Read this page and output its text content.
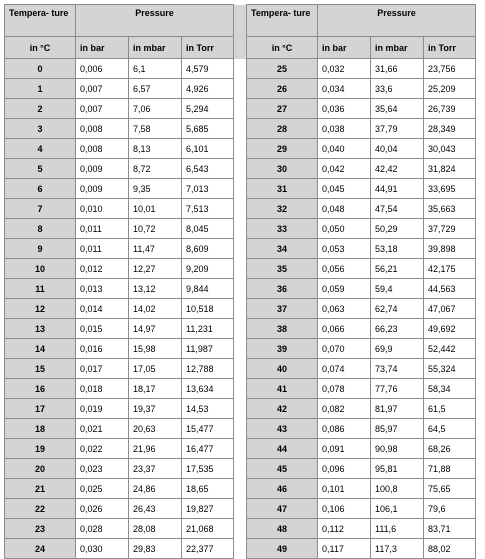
Tempera- ture	Pressure				Tempera- ture	Pressure		
in °C	in bar	in mbar	in Torr		in °C	in bar	in mbar	in Torr
0	0,006	6,1	4,579		25	0,032	31,66	23,756
1	0,007	6,57	4,926		26	0,034	33,6	25,209
2	0,007	7,06	5,294		27	0,036	35,64	26,739
3	0,008	7,58	5,685		28	0,038	37,79	28,349
4	0,008	8,13	6,101		29	0,040	40,04	30,043
5	0,009	8,72	6,543		30	0,042	42,42	31,824
6	0,009	9,35	7,013		31	0,045	44,91	33,695
7	0,010	10,01	7,513		32	0,048	47,54	35,663
8	0,011	10,72	8,045		33	0,050	50,29	37,729
9	0,011	11,47	8,609		34	0,053	53,18	39,898
10	0,012	12,27	9,209		35	0,056	56,21	42,175
11	0,013	13,12	9,844		36	0,059	59,4	44,563
12	0,014	14,02	10,518		37	0,063	62,74	47,067
13	0,015	14,97	11,231		38	0,066	66,23	49,692
14	0,016	15,98	11,987		39	0,070	69,9	52,442
15	0,017	17,05	12,788		40	0,074	73,74	55,324
16	0,018	18,17	13,634		41	0,078	77,76	58,34
17	0,019	19,37	14,53		42	0,082	81,97	61,5
18	0,021	20,63	15,477		43	0,086	85,97	64,5
19	0,022	21,96	16,477		44	0,091	90,98	68,26
20	0,023	23,37	17,535		45	0,096	95,81	71,88
21	0,025	24,86	18,65		46	0,101	100,8	75,65
22	0,026	26,43	19,827		47	0,106	106,1	79,6
23	0,028	28,08	21,068		48	0,112	111,6	83,71
24	0,030	29,83	22,377		49	0,117	117,3	88,02
